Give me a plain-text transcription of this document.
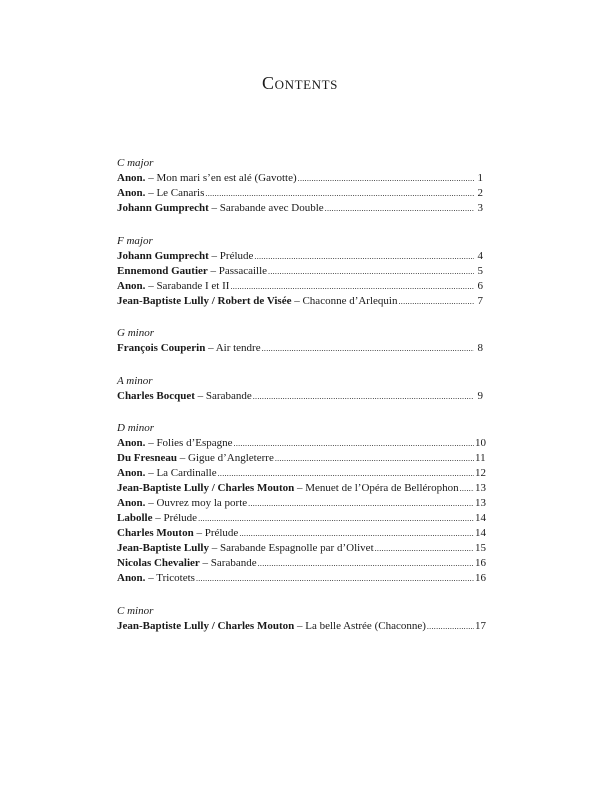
Contents
C major
Anon. – Mon mari s’en est alé (Gavotte) .....	1
Anon. – Le Canaris .....	2
Johann Gumprecht – Sarabande avec Double .....	3
F major
Johann Gumprecht – Prélude .....	4
Ennemond Gautier – Passacaille .....	5
Anon. – Sarabande I et II .....	6
Jean-Baptiste Lully / Robert de Visée – Chaconne d’Arlequin .....	7
G minor
François Couperin – Air tendre .....	8
A minor
Charles Bocquet – Sarabande .....	9
D minor
Anon. – Folies d’Espagne .....	10
Du Fresneau – Gigue d’Angleterre .....	11
Anon. – La Cardinalle .....	12
Jean-Baptiste Lully / Charles Mouton – Menuet de l’Opéra de Bellérophon ..... 13
Anon. – Ouvrez moy la porte .....	13
Labolle – Prélude .....	14
Charles Mouton – Prélude .....	14
Jean-Baptiste Lully – Sarabande Espagnolle par d’Olivet .....	15
Nicolas Chevalier – Sarabande .....	16
Anon. – Tricotets .....	16
C minor
Jean-Baptiste Lully / Charles Mouton – La belle Astrée (Chaconne) .....	17
